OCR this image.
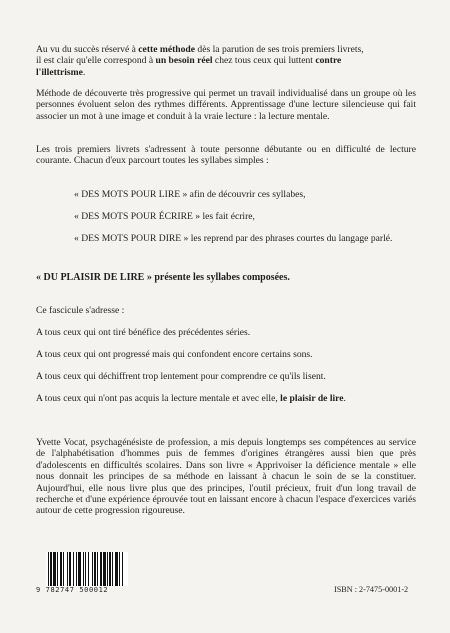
Au vu du succès réservé à cette méthode dès la parution de ses trois premiers livrets,
il est clair qu'elle correspond à un besoin réel chez tous ceux qui luttent contre
l'illettrisme.

Méthode de découverte très progressive qui permet un travail individualisé dans un groupe où les personnes évoluent selon des rythmes différents. Apprentissage d'une lecture silencieuse qui fait associer un mot à une image et conduit à la vraie lecture : la lecture mentale.

Les trois premiers livrets s'adressent à toute personne débutante ou en difficulté de lecture courante. Chacun d'eux parcourt toutes les syllabes simples :

« DES MOTS POUR LIRE » afin de découvrir ces syllabes,
« DES MOTS POUR ÉCRIRE » les fait écrire,
« DES MOTS POUR DIRE » les reprend par des phrases courtes du langage parlé.
« DU PLAISIR DE LIRE » présente les syllabes composées.
Ce fascicule s'adresse :
A tous ceux qui ont tiré bénéfice des précédentes séries.
A tous ceux qui ont progressé mais qui confondent encore certains sons.
A tous ceux qui déchiffrent trop lentement pour comprendre ce qu'ils lisent.
A tous ceux qui n'ont pas acquis la lecture mentale et avec elle, le plaisir de lire.

Yvette Vocat, psychagénésiste de profession, a mis depuis longtemps ses compétences au service de l'alphabétisation d'hommes puis de femmes d'origines étrangères aussi bien que près d'adolescents en difficultés scolaires. Dans son livre « Apprivoiser la déficience mentale » elle nous donnait les principes de sa méthode en laissant à chacun le soin de se la constituer. Aujourd'hui, elle nous livre plus que des principes, l'outil précieux, fruit d'un long travail de recherche et d'une expérience éprouvée tout en laissant encore à chacun l'espace d'exercices variés autour de cette progression rigoureuse.

9 782747 500012	ISBN : 2-7475-0001-2
